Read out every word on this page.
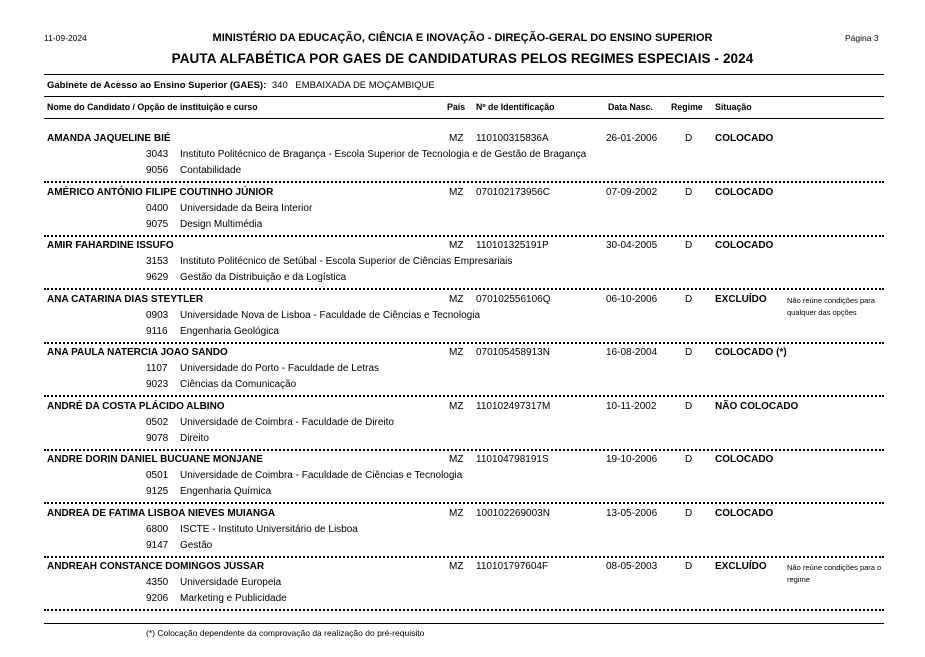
11-09-2024	Página 3
MINISTÉRIO DA EDUCAÇÃO, CIÊNCIA E INOVAÇÃO - DIREÇÃO-GERAL DO ENSINO SUPERIOR
PAUTA ALFABÉTICA POR GAES DE CANDIDATURAS PELOS REGIMES ESPECIAIS - 2024
Gabinete de Acesso ao Ensino Superior (GAES): 340 EMBAIXADA DE MOÇAMBIQUE
Nome do Candidato / Opção de instituição e curso	País Nº de Identificação	Data Nasc. Regime Situação
AMANDA JAQUELINE BIÉ	MZ 110100315836A	26-01-2006	D COLOCADO
3043 Instituto Politécnico de Bragança - Escola Superior de Tecnologia e de Gestão de Bragança
9056 Contabilidade
AMÉRICO ANTÓNIO FILIPE COUTINHO JÚNIOR	MZ 070102173956C	07-09-2002	D COLOCADO
0400 Universidade da Beira Interior
9075 Design Multimédia
AMIR FAHARDINE ISSUFO	MZ 110101325191P	30-04-2005	D COLOCADO
3153 Instituto Politécnico de Setúbal - Escola Superior de Ciências Empresariais
9629 Gestão da Distribuição e da Logística
ANA CATARINA DIAS STEYTLER	MZ 070102556106Q	06-10-2006	D EXCLUÍDO	Não reúne condições para qualquer das opções
0903 Universidade Nova de Lisboa - Faculdade de Ciências e Tecnologia
9116 Engenharia Geológica
ANA PAULA NATERCIA JOAO SANDO	MZ 070105458913N	16-08-2004	D COLOCADO (*)
1107 Universidade do Porto - Faculdade de Letras
9023 Ciências da Comunicação
ANDRÉ DA COSTA PLÁCIDO ALBINO	MZ 110102497317M	10-11-2002	D NÃO COLOCADO
0502 Universidade de Coimbra - Faculdade de Direito
9078 Direito
ANDRE DORIN DANIEL BUCUANE MONJANE	MZ 110104798191S	19-10-2006	D COLOCADO
0501 Universidade de Coimbra - Faculdade de Ciências e Tecnologia
9125 Engenharia Química
ANDREA DE FATIMA LISBOA NIEVES MUIANGA	MZ 100102269003N	13-05-2006	D COLOCADO
6800 ISCTE - Instituto Universitário de Lisboa
9147 Gestão
ANDREAH CONSTANCE DOMINGOS JUSSAR	MZ 110101797604F	08-05-2003	D EXCLUÍDO	Não reúne condições para o regime
4350 Universidade Europeia
9206 Marketing e Publicidade
(*) Colocação dependente da comprovação da realização do pré-requisito
